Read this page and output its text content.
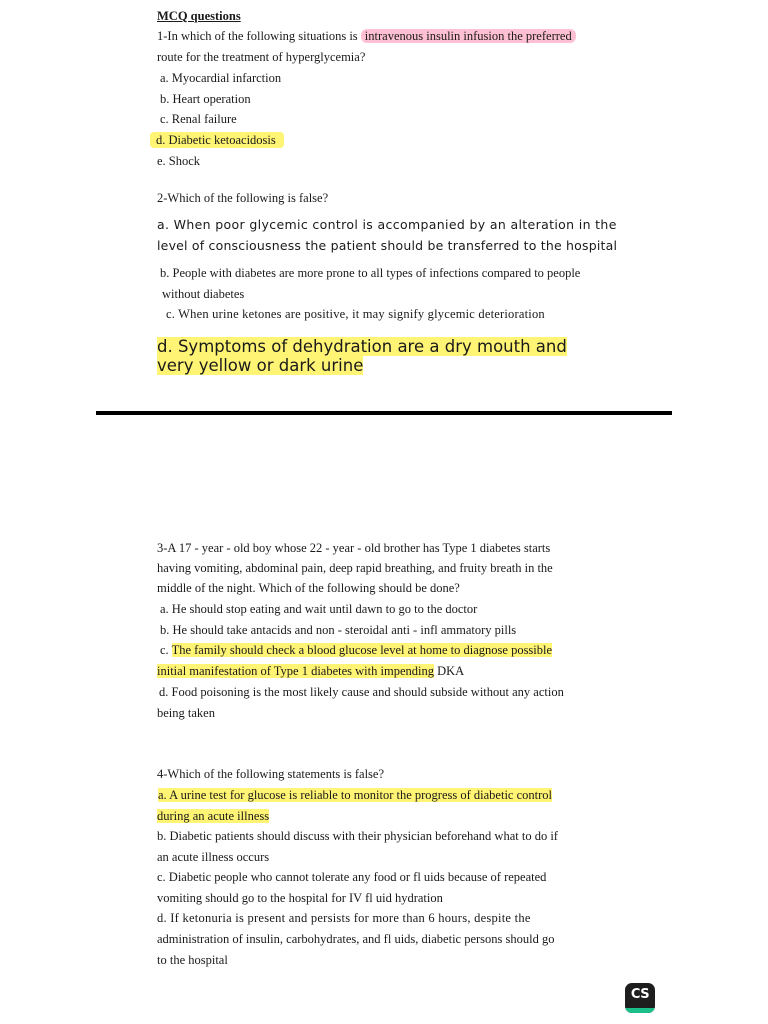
MCQ questions
1-In which of the following situations is intravenous insulin infusion the preferred
route for the treatment of hyperglycemia?
a. Myocardial infarction
b. Heart operation
c. Renal failure
d. Diabetic ketoacidosis
e. Shock
2-Which of the following is false?
a. When poor glycemic control is accompanied by an alteration in the
level of consciousness the patient should be transferred to the hospital
b. People with diabetes are more prone to all types of infections compared to people
without diabetes
c. When urine ketones are positive, it may signify glycemic deterioration
d. Symptoms of dehydration are a dry mouth and
very yellow or dark urine
3-A 17 - year - old boy whose 22 - year - old brother has Type 1 diabetes starts
having vomiting, abdominal pain, deep rapid breathing, and fruity breath in the
middle of the night. Which of the following should be done?
a. He should stop eating and wait until dawn to go to the doctor
b. He should take antacids and non - steroidal anti - infl ammatory pills
c. The family should check a blood glucose level at home to diagnose possible
initial manifestation of Type 1 diabetes with impending DKA
d. Food poisoning is the most likely cause and should subside without any action
being taken
4-Which of the following statements is false?
a. A urine test for glucose is reliable to monitor the progress of diabetic control
during an acute illness
b. Diabetic patients should discuss with their physician beforehand what to do if
an acute illness occurs
c. Diabetic people who cannot tolerate any food or fl uids because of repeated
vomiting should go to the hospital for IV fl uid hydration
d. If ketonuria is present and persists for more than 6 hours, despite the
administration of insulin, carbohydrates, and fl uids, diabetic persons should go
to the hospital
CS
